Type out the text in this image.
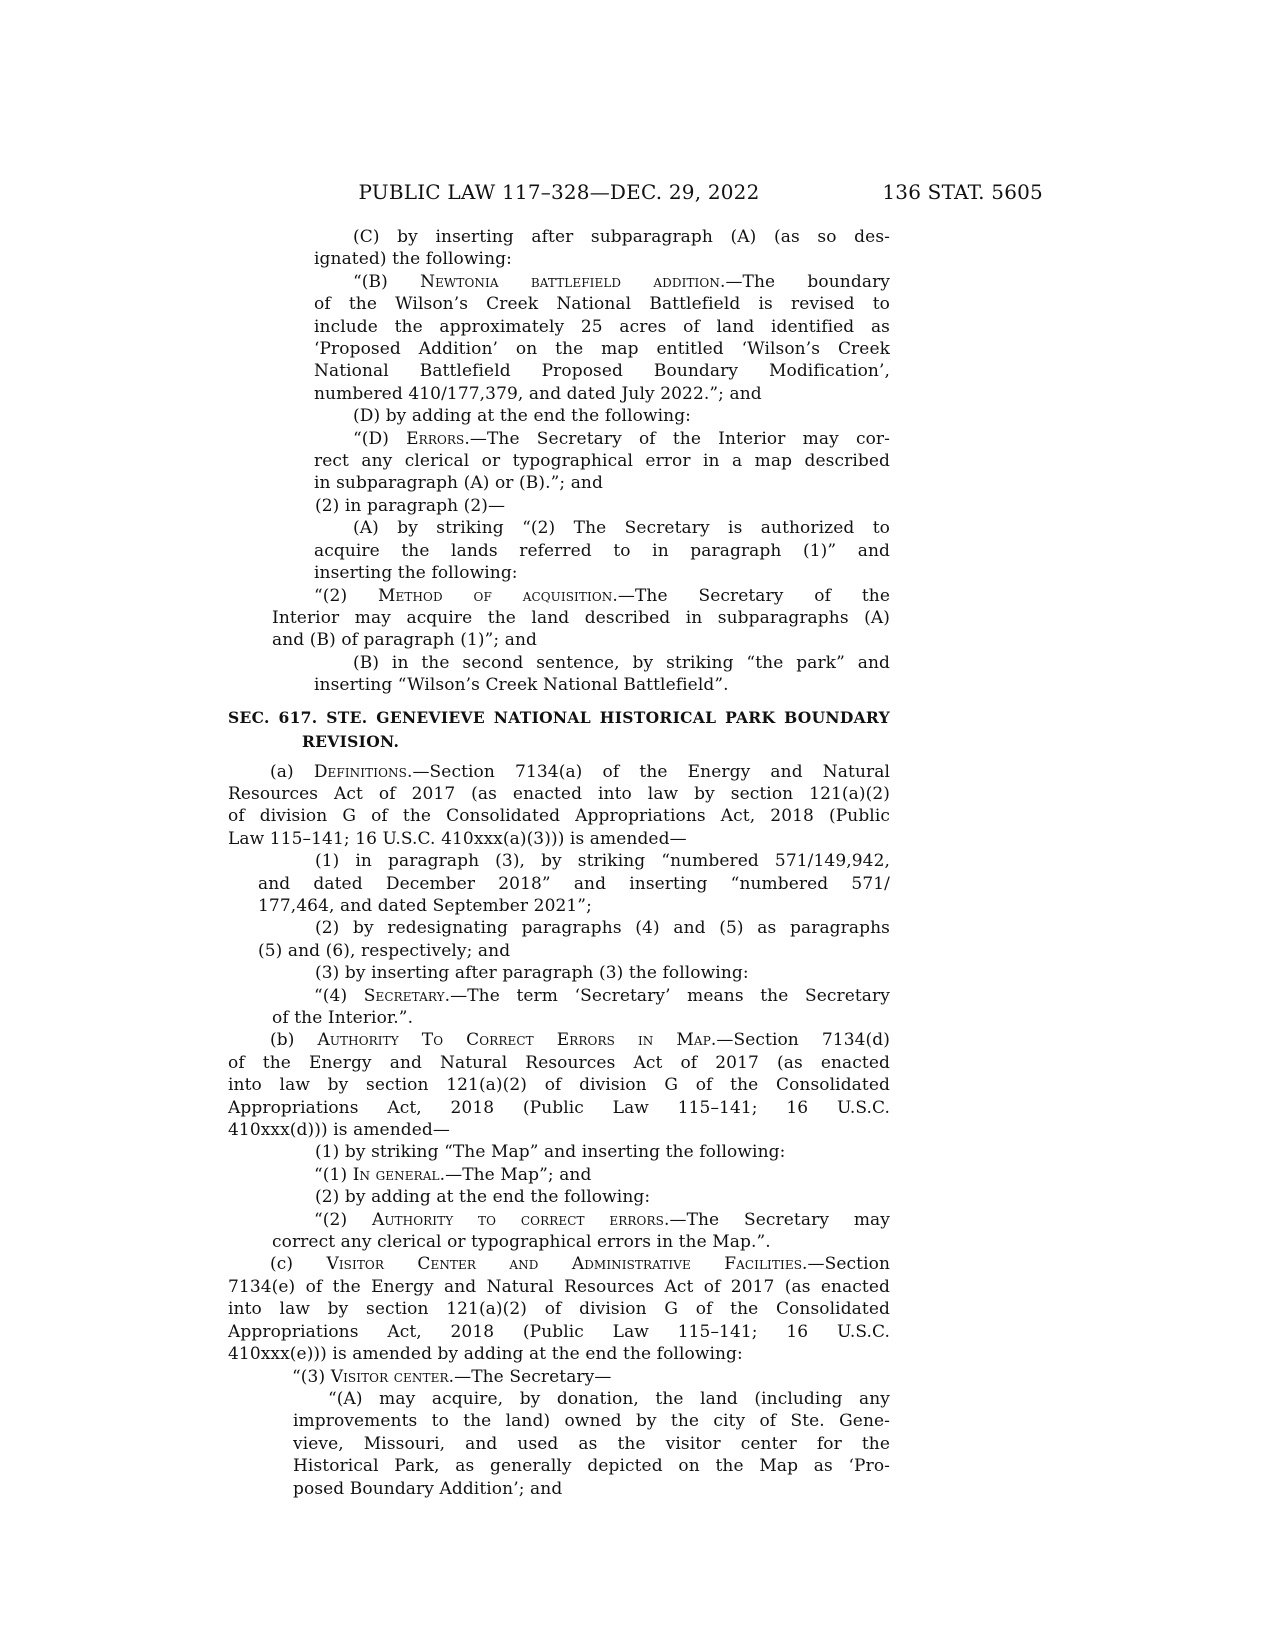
PUBLIC LAW 117–328—DEC. 29, 2022	136 STAT. 5605
(C) by inserting after subparagraph (A) (as so des-
ignated) the following:
“(B) Newtonia battlefield addition.—The boundary
of the Wilson’s Creek National Battlefield is revised to
include the approximately 25 acres of land identified as
‘Proposed Addition’ on the map entitled ‘Wilson’s Creek
National Battlefield Proposed Boundary Modification’,
numbered 410/177,379, and dated July 2022.”; and
(D) by adding at the end the following:
“(D) Errors.—The Secretary of the Interior may cor-
rect any clerical or typographical error in a map described
in subparagraph (A) or (B).”; and
(2) in paragraph (2)—
(A) by striking “(2) The Secretary is authorized to
acquire the lands referred to in paragraph (1)” and
inserting the following:
“(2) Method of acquisition.—The Secretary of the
Interior may acquire the land described in subparagraphs (A)
and (B) of paragraph (1)”; and
(B) in the second sentence, by striking “the park” and
inserting “Wilson’s Creek National Battlefield”.
SEC. 617. STE. GENEVIEVE NATIONAL HISTORICAL PARK BOUNDARY
REVISION.
(a) Definitions.—Section 7134(a) of the Energy and Natural
Resources Act of 2017 (as enacted into law by section 121(a)(2)
of division G of the Consolidated Appropriations Act, 2018 (Public
Law 115–141; 16 U.S.C. 410xxx(a)(3))) is amended—
(1) in paragraph (3), by striking “numbered 571/149,942,
and dated December 2018” and inserting “numbered 571/
177,464, and dated September 2021”;
(2) by redesignating paragraphs (4) and (5) as paragraphs
(5) and (6), respectively; and
(3) by inserting after paragraph (3) the following:
“(4) Secretary.—The term ‘Secretary’ means the Secretary
of the Interior.”.
(b) Authority To Correct Errors in Map.—Section 7134(d)
of the Energy and Natural Resources Act of 2017 (as enacted
into law by section 121(a)(2) of division G of the Consolidated
Appropriations Act, 2018 (Public Law 115–141; 16 U.S.C.
410xxx(d))) is amended—
(1) by striking “The Map” and inserting the following:
“(1) In general.—The Map”; and
(2) by adding at the end the following:
“(2) Authority to correct errors.—The Secretary may
correct any clerical or typographical errors in the Map.”.
(c) Visitor Center and Administrative Facilities.—Section
7134(e) of the Energy and Natural Resources Act of 2017 (as enacted
into law by section 121(a)(2) of division G of the Consolidated
Appropriations Act, 2018 (Public Law 115–141; 16 U.S.C.
410xxx(e))) is amended by adding at the end the following:
“(3) Visitor center.—The Secretary—
“(A) may acquire, by donation, the land (including any
improvements to the land) owned by the city of Ste. Gene-
vieve, Missouri, and used as the visitor center for the
Historical Park, as generally depicted on the Map as ‘Pro-
posed Boundary Addition’; and
